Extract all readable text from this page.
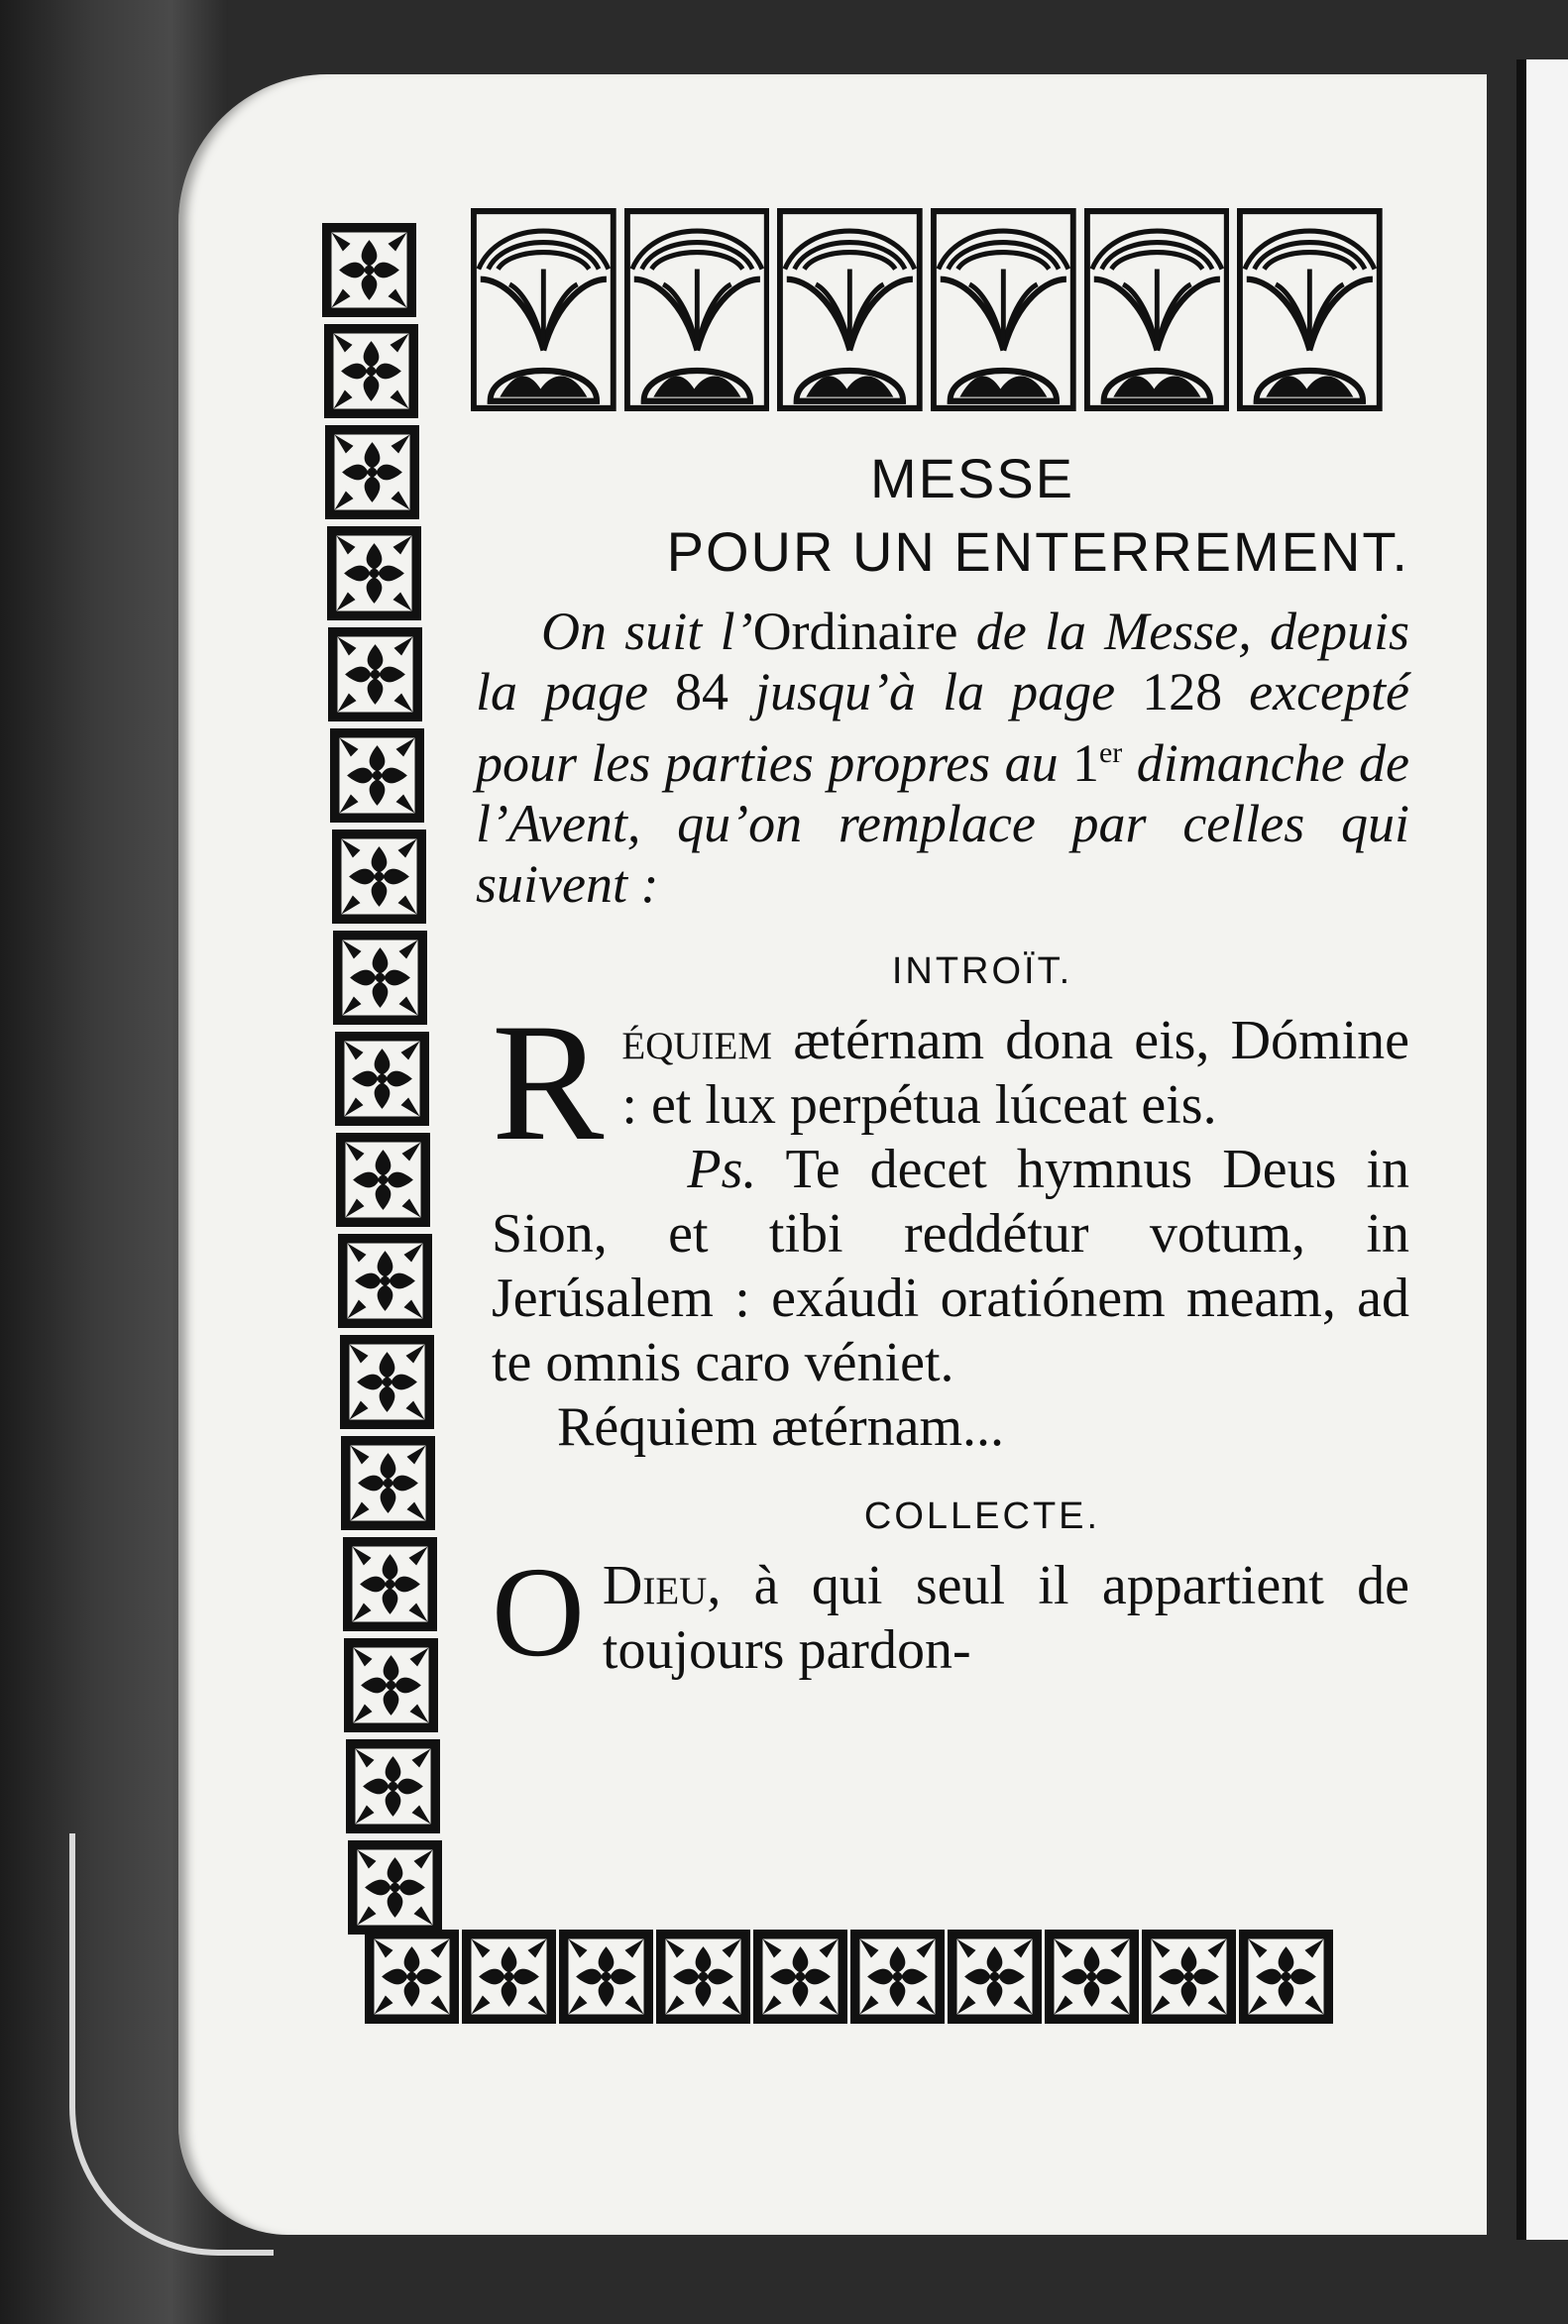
MESSE
POUR UN ENTERREMENT.
On suit l’Ordinaire de la Messe, depuis la page 84 jusqu’à la page 128 excepté pour les parties propres au 1er dimanche de l’Avent, qu’on remplace par celles qui suivent :
INTROÏT.
Réquiem ætérnam dona eis, Dómine : et lux perpétua lúceat eis.
Ps. Te decet hymnus Deus in Sion, et tibi reddétur votum, in Jerúsalem : exáudi oratiónem meam, ad te omnis caro véniet.
Réquiem ætérnam...
COLLECTE.
O Dieu, à qui seul il appartient de toujours pardon-
